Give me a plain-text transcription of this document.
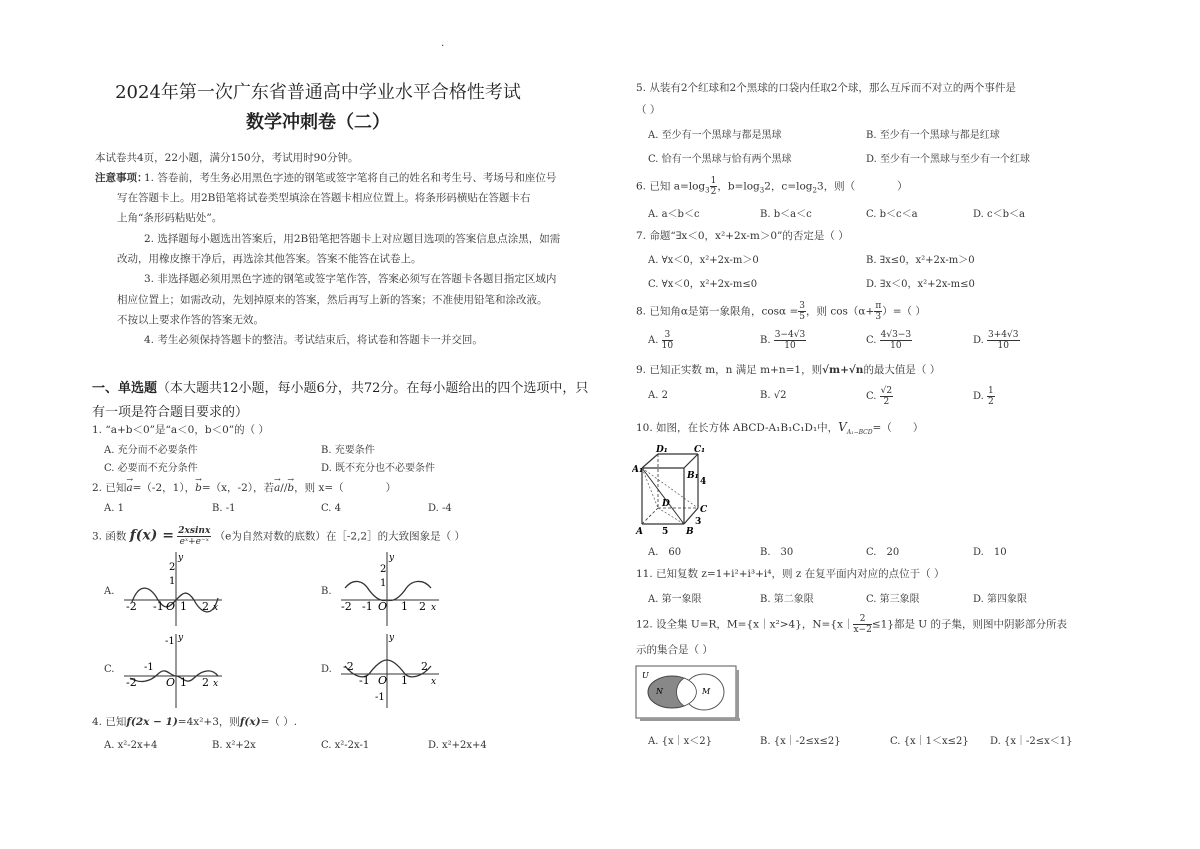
·
2024年第一次广东省普通高中学业水平合格性考试
数学冲刺卷（二）
本试卷共4页，22小题，满分150分，考试用时90分钟。
注意事项：
1. 答卷前，考生务必用黑色字迹的钢笔或签字笔将自己的姓名和考生号、考场号和座位号
写在答题卡上。用2B铅笔将试卷类型填涂在答题卡相应位置上。将条形码横贴在答题卡右
上角“条形码粘贴处”。
2. 选择题每小题选出答案后，用2B铅笔把答题卡上对应题目选项的答案信息点涂黑，如需
改动，用橡皮擦干净后，再选涂其他答案。答案不能答在试卷上。
3. 非选择题必须用黑色字迹的钢笔或签字笔作答，答案必须写在答题卡各题目指定区域内
相应位置上；如需改动，先划掉原来的答案，然后再写上新的答案；不准使用铅笔和涂改液。
不按以上要求作答的答案无效。
4. 考生必须保持答题卡的整洁。考试结束后，将试卷和答题卡一并交回。
一、单选题（本大题共12小题，每小题6分，共72分。在每小题给出的四个选项中，只
有一项是符合题目要求的）
1. “a+b＜0”是“a＜0，b＜0”的（ ）
A. 充分而不必要条件	B. 充要条件
C. 必要而不充分条件	D. 既不充分也不必要条件
2. 已知
→
a=（-2，1），
→
b=（x，-2），若
→
a//
→
b，则 x=（　　　　）
A. 1	B. -1	C. 4	D. -4
3. 函数 $f(x) = \frac{2xsinx}{\text{eˣ+e⁻ˣ}} (e$为自然对数的底数）在［-2,2］的大致图象是（ ）
A.	B.
C.	D.
y
2
1
-2 -1 O 1 2 x
y
2
1
-2 -1 O 1 2 x
y
-1
-1
-2	O 1 2 x
y
-2	2
-1 O 1	x
-1
4. 已知f(2x − 1)=4x²+3，则f(x)=（ ）.
A. x²-2x+4	B. x²+2x	C. x²-2x-1	D. x²+2x+4
5. 从装有2个红球和2个黑球的口袋内任取2个球，那么互斥而不对立的两个事件是
（ ）
A. 至少有一个黑球与都是黑球	B. 至少有一个黑球与都是红球
C. 恰有一个黑球与恰有两个黑球	D. 至少有一个黑球与至少有一个红球
6. 已知 $a=\log_3 \frac{1}{2}$ ，$b=\log_32$，$c=\log_23$，则（　　　　）
A. a＜b＜c	B. b＜a＜c	C. b＜c＜a	D. c＜b＜a
7. 命题“∃x＜0，x²+2x-m＞0”的否定是（ ）
A. ∀x＜0，x²+2x-m＞0	B. ∃x≤0，x²+2x-m＞0
C. ∀x＜0，x²+2x-m≤0	D. ∃x＜0，x²+2x-m≤0
8. 已知角α是第一象限角，$\cos\alpha = \frac{3}{5}$ ，则 $\cos(\alpha+ \frac{\pi}{3}$ ）=（ ）
A. $\frac{3}{10}$	B. $\frac{3-4√3}{10}$	C. $\frac{4√3-3}{10}$	D. $\frac{3+4√3}{10}$
9. 已知正实数 m，n 满足 m+n=1，则√m+√n的最大值是（ ）
A. 2	B. √2	C. $\frac{√2}{2}$	D. $\frac{1}{2}$
10. 如图，在长方体 ABCD-A₁B₁C₁D₁中，$V_{A_1-BCD}=$（　　）
D₁	C₁
A₁
B₁
D
C
A	B
4
3
5
A.　60	B.　30	C.　20	D.　10
11. 已知复数 z=1+i²+i³+i⁴，则 z 在复平面内对应的点位于（ ）
A. 第一象限	B. 第二象限	C. 第三象限	D. 第四象限
12. 设全集 U=R，M={x｜x²>4}，N={x｜ $\frac{2}{x-2} \le 1$}都是 U 的子集，则图中阴影部分所表
示的集合是（ ）
U
N	M
A. {x｜x＜2}	B. {x｜-2≤x≤2}	C. {x｜1＜x≤2} D. {x｜-2≤x＜1}
